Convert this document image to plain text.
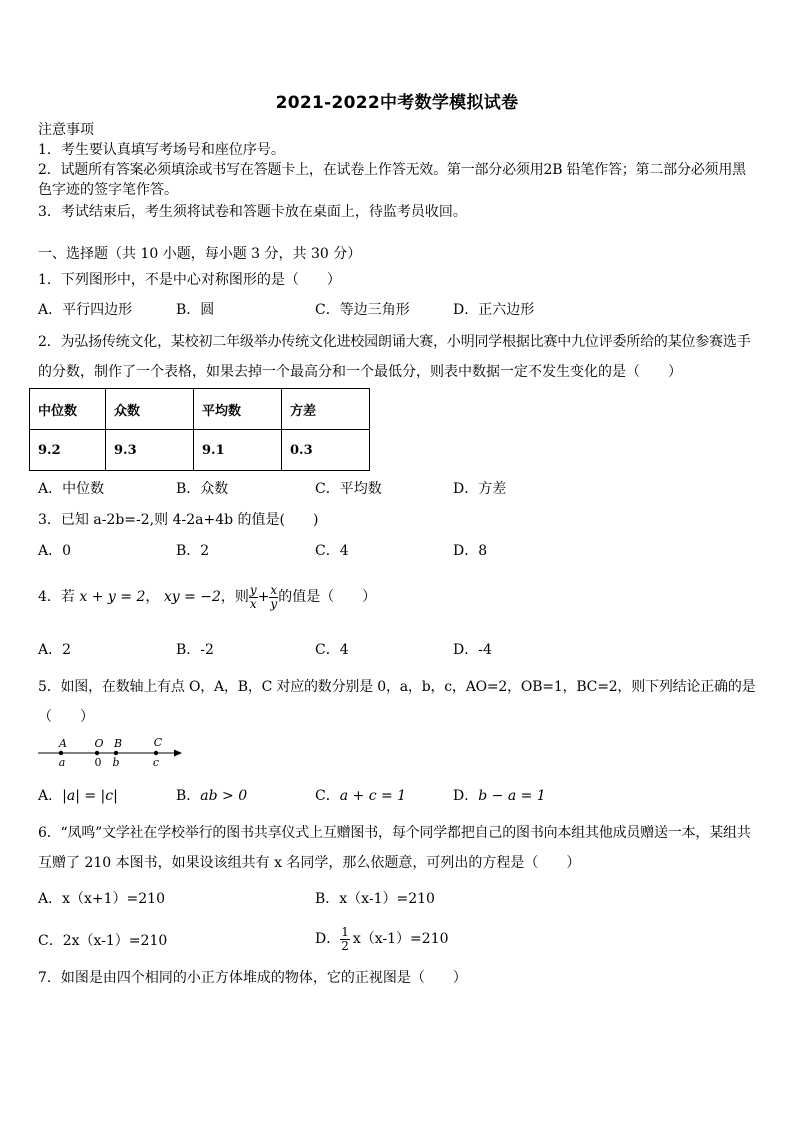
2021-2022中考数学模拟试卷
注意事项
1．考生要认真填写考场号和座位序号。
2．试题所有答案必须填涂或书写在答题卡上，在试卷上作答无效。第一部分必须用2B 铅笔作答；第二部分必须用黑
色字迹的签字笔作答。
3．考试结束后，考生须将试卷和答题卡放在桌面上，待监考员收回。
一、选择题（共 10 小题，每小题 3 分，共 30 分）
1．下列图形中，不是中心对称图形的是（　　）
A．平行四边形	B．圆	C．等边三角形	D．正六边形
2．为弘扬传统文化，某校初二年级举办传统文化进校园朗诵大赛，小明同学根据比赛中九位评委所给的某位参赛选手
的分数，制作了一个表格，如果去掉一个最高分和一个最低分，则表中数据一定不发生变化的是（　　）
中位数	众数	平均数	方差
9.2	9.3	9.1	0.3
A．中位数	B．众数	C．平均数	D．方差
3．已知 a-2b=-2,则 4-2a+4b 的值是(　　)
A．0	B．2	C．4	D．8
4．若 x + y = 2， xy = −2，则 $\frac{y}{x} + \frac{x}{y}$ 的值是（　　）
A．2	B．-2	C．4	D．-4
5．如图，在数轴上有点 O，A，B，C 对应的数分别是 0，a，b，c，AO=2，OB=1，BC=2，则下列结论正确的是
（　　）
A	O B	C
a	0 b	c
A．|a| = |c|	B．ab > 0	C．a + c = 1	D．b − a = 1
6．“凤鸣”文学社在学校举行的图书共享仪式上互赠图书，每个同学都把自己的图书向本组其他成员赠送一本，某组共
互赠了 210 本图书，如果设该组共有 x 名同学，那么依题意，可列出的方程是（　　）
A．x（x+1）=210	B．x（x-1）=210
C．2x（x-1）=210	D． $\frac{1}{2} x(x-1)=210$
7．如图是由四个相同的小正方体堆成的物体，它的正视图是（　　）
